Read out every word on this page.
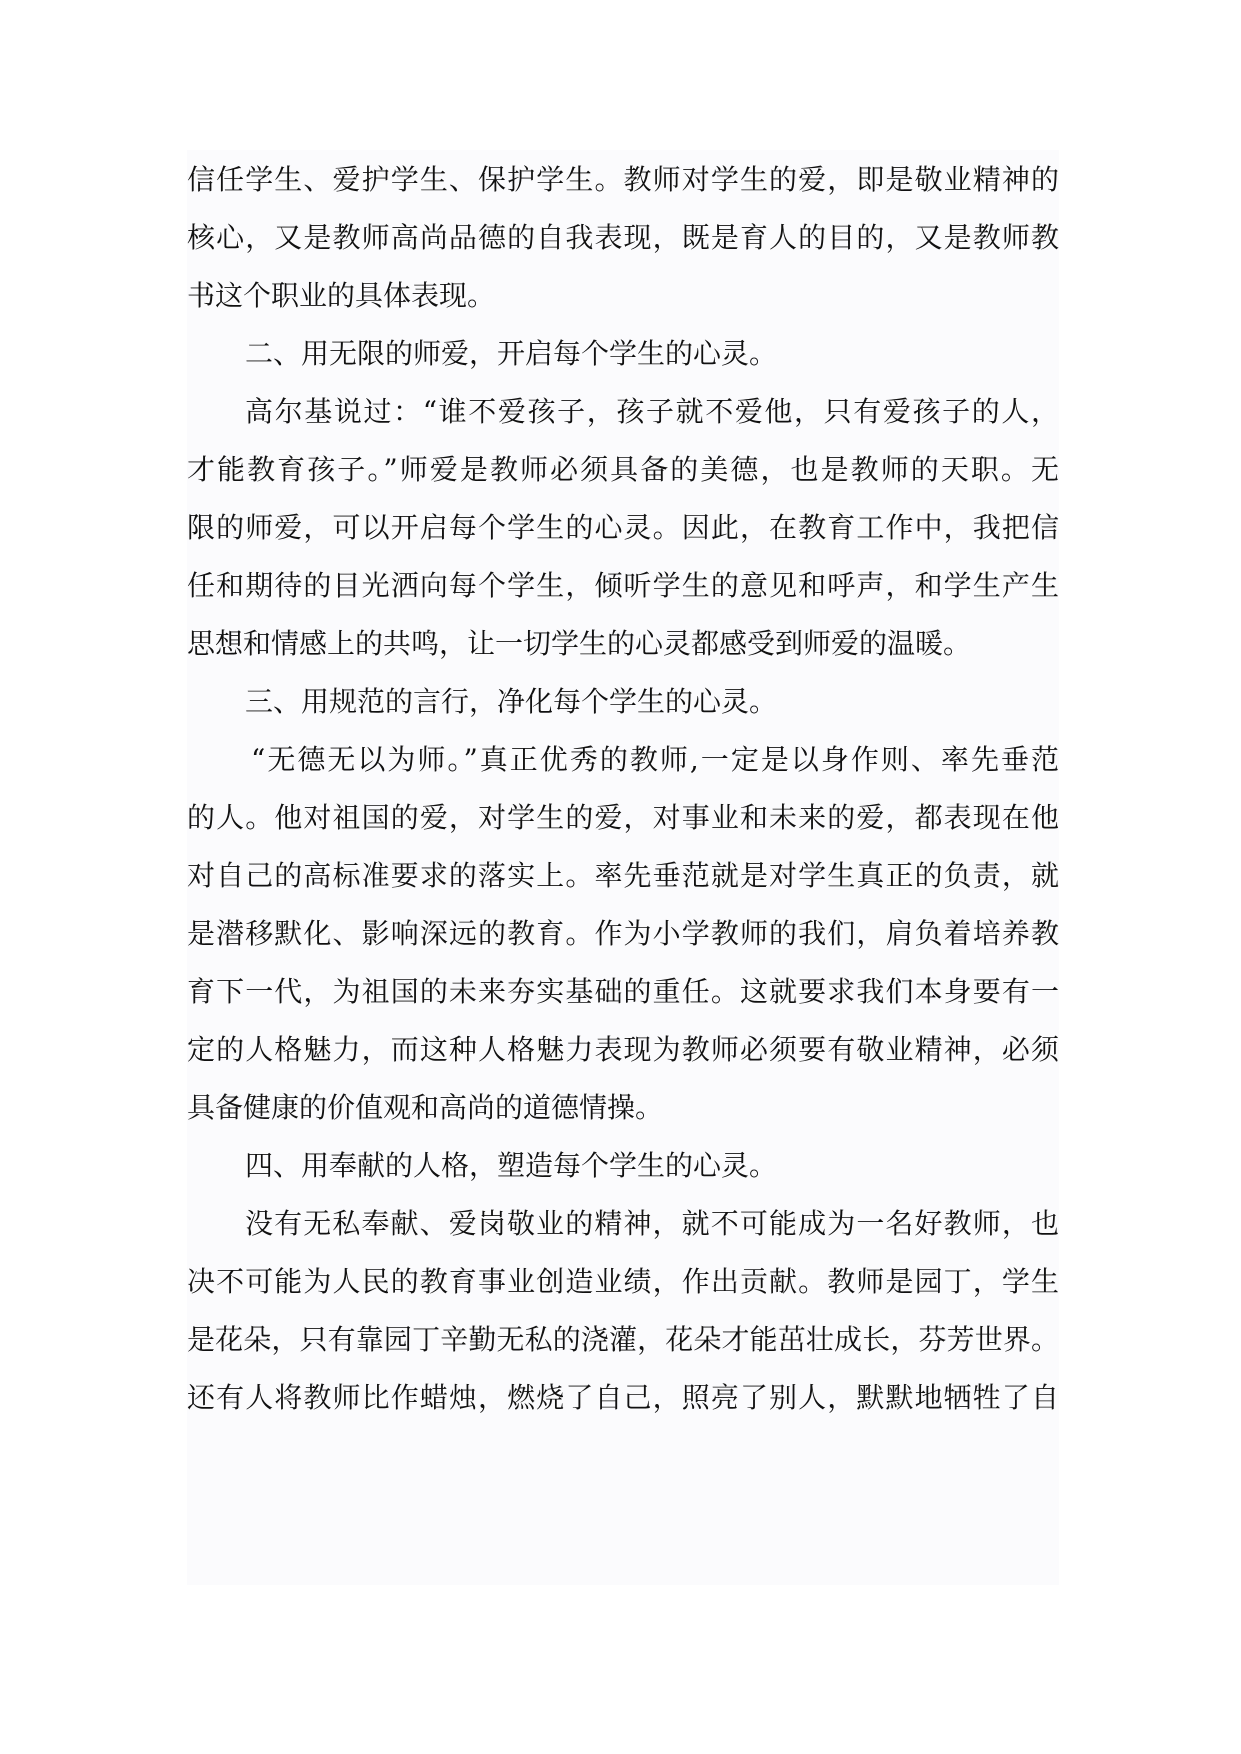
信任学生、爱护学生、保护学生。教师对学生的爱，即是敬业精神的
核心，又是教师高尚品德的自我表现，既是育人的目的，又是教师教
书这个职业的具体表现。
二、用无限的师爱，开启每个学生的心灵。
高尔基说过：“谁不爱孩子，孩子就不爱他，只有爱孩子的人，
才能教育孩子。”师爱是教师必须具备的美德，也是教师的天职。无
限的师爱，可以开启每个学生的心灵。因此，在教育工作中，我把信
任和期待的目光洒向每个学生，倾听学生的意见和呼声，和学生产生
思想和情感上的共鸣，让一切学生的心灵都感受到师爱的温暖。
三、用规范的言行，净化每个学生的心灵。
“无德无以为师。”真正优秀的教师,一定是以身作则、率先垂范
的人。他对祖国的爱，对学生的爱，对事业和未来的爱，都表现在他
对自己的高标准要求的落实上。率先垂范就是对学生真正的负责，就
是潜移默化、影响深远的教育。作为小学教师的我们，肩负着培养教
育下一代，为祖国的未来夯实基础的重任。这就要求我们本身要有一
定的人格魅力，而这种人格魅力表现为教师必须要有敬业精神，必须
具备健康的价值观和高尚的道德情操。
四、用奉献的人格，塑造每个学生的心灵。
没有无私奉献、爱岗敬业的精神，就不可能成为一名好教师，也
决不可能为人民的教育事业创造业绩，作出贡献。教师是园丁，学生
是花朵，只有靠园丁辛勤无私的浇灌，花朵才能茁壮成长，芬芳世界。
还有人将教师比作蜡烛，燃烧了自己，照亮了别人，默默地牺牲了自
